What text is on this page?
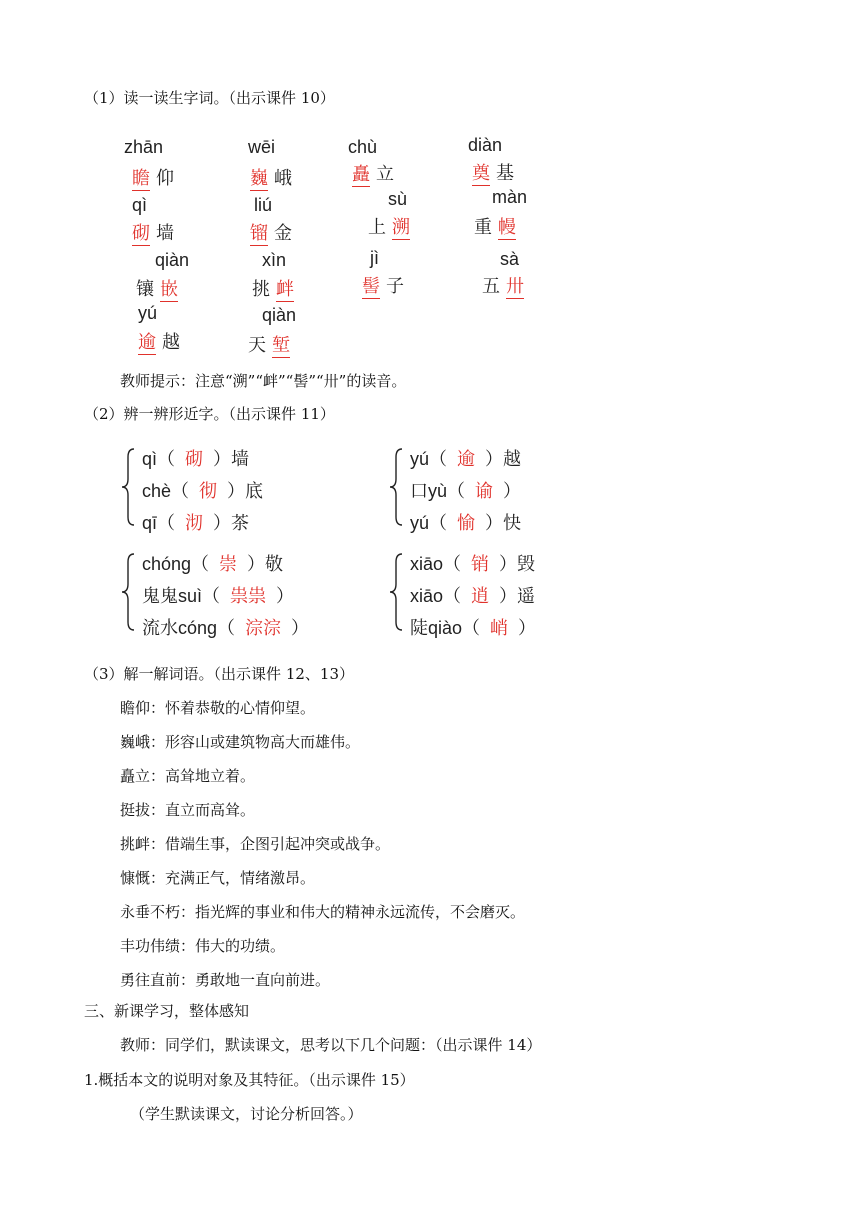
（1）读一读生字词。（出示课件 10）
zhān
瞻 仰
wēi
巍 峨
chù
矗 立
diàn
奠 基
qì
砌 墙
liú
镏 金
sù
上 溯
màn
重 幔
qiàn
镶 嵌
xìn
挑 衅
jì
髻 子
sà
五 卅
yú
逾 越
qiàn
天 堑
教师提示：注意“溯”“衅”“髻”“卅”的读音。
（2）辨一辨形近字。（出示课件 11）
qì（ 砌 ）墙
chè（ 彻 ）底
qī（ 沏 ）茶
yú（ 逾 ）越
口yù（ 谕 ）
yú（ 愉 ）快
chóng（ 崇 ）敬
鬼鬼suì（ 祟祟 ）
流水cóng（ 淙淙 ）
xiāo（ 销 ）毁
xiāo（ 逍 ）遥
陡qiào（ 峭 ）
（3）解一解词语。（出示课件 12、13）
瞻仰：怀着恭敬的心情仰望。
巍峨：形容山或建筑物高大而雄伟。
矗立：高耸地立着。
挺拔：直立而高耸。
挑衅：借端生事，企图引起冲突或战争。
慷慨：充满正气，情绪激昂。
永垂不朽：指光辉的事业和伟大的精神永远流传，不会磨灭。
丰功伟绩：伟大的功绩。
勇往直前：勇敢地一直向前进。
三、新课学习，整体感知
教师：同学们，默读课文，思考以下几个问题：（出示课件 14）
1.概括本文的说明对象及其特征。（出示课件 15）
（学生默读课文，讨论分析回答。）
